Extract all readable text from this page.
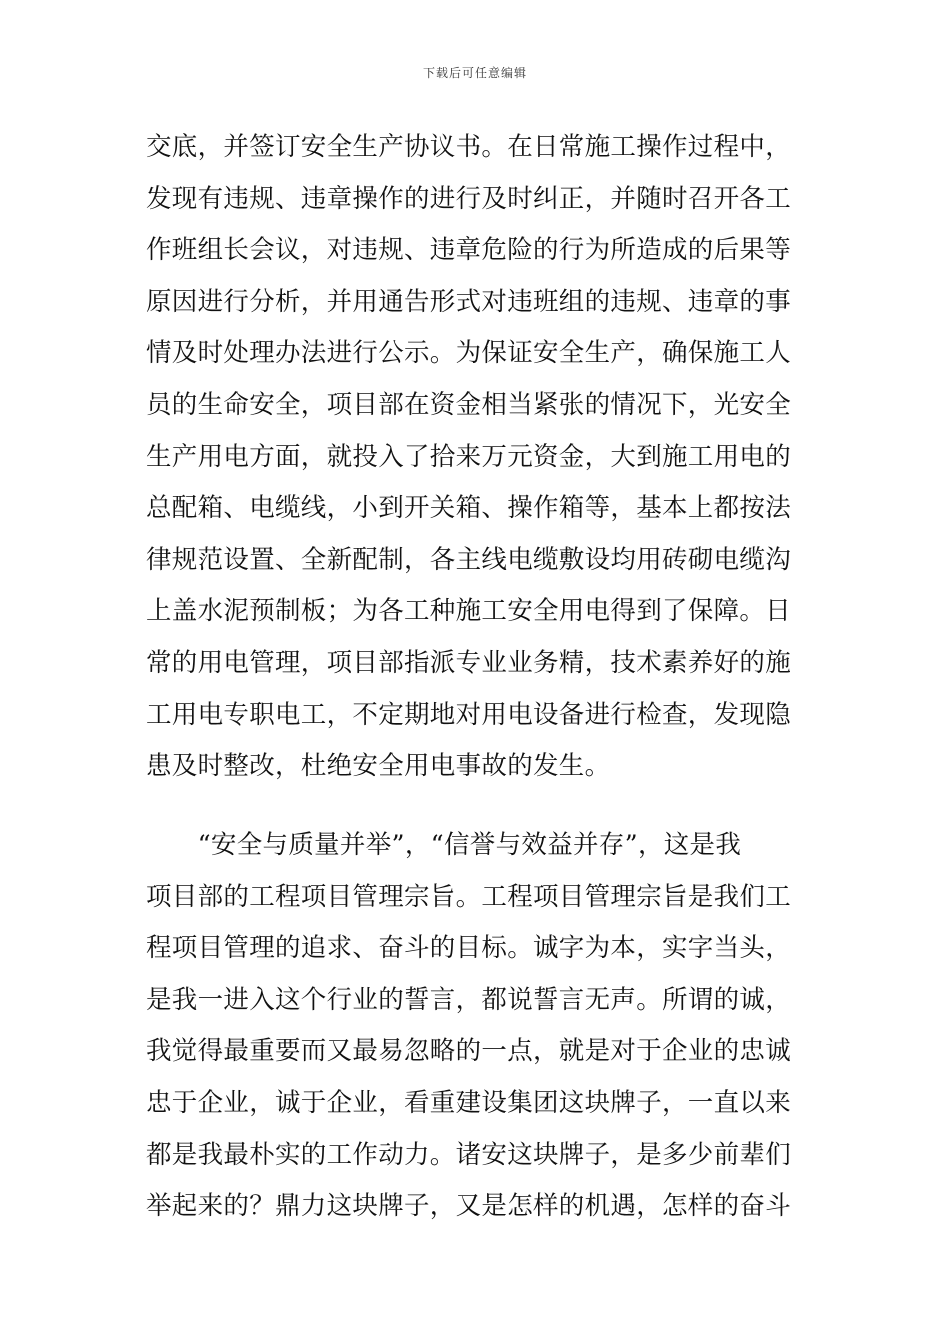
下载后可任意编辑
交底，并签订安全生产协议书。在日常施工操作过程中，
发现有违规、违章操作的进行及时纠正，并随时召开各工
作班组长会议，对违规、违章危险的行为所造成的后果等
原因进行分析，并用通告形式对违班组的违规、违章的事
情及时处理办法进行公示。为保证安全生产，确保施工人
员的生命安全，项目部在资金相当紧张的情况下，光安全
生产用电方面，就投入了拾来万元资金，大到施工用电的
总配箱、电缆线，小到开关箱、操作箱等，基本上都按法
律规范设置、全新配制，各主线电缆敷设均用砖砌电缆沟
上盖水泥预制板；为各工种施工安全用电得到了保障。日
常的用电管理，项目部指派专业业务精，技术素养好的施
工用电专职电工，不定期地对用电设备进行检查，发现隐
患及时整改，杜绝安全用电事故的发生。
　　“安全与质量并举”，“信誉与效益并存”，这是我
项目部的工程项目管理宗旨。工程项目管理宗旨是我们工
程项目管理的追求、奋斗的目标。诚字为本，实字当头，
是我一进入这个行业的誓言，都说誓言无声。所谓的诚，
我觉得最重要而又最易忽略的一点，就是对于企业的忠诚
忠于企业，诚于企业，看重建设集团这块牌子，一直以来
都是我最朴实的工作动力。诸安这块牌子，是多少前辈们
举起来的？鼎力这块牌子，又是怎样的机遇，怎样的奋斗
